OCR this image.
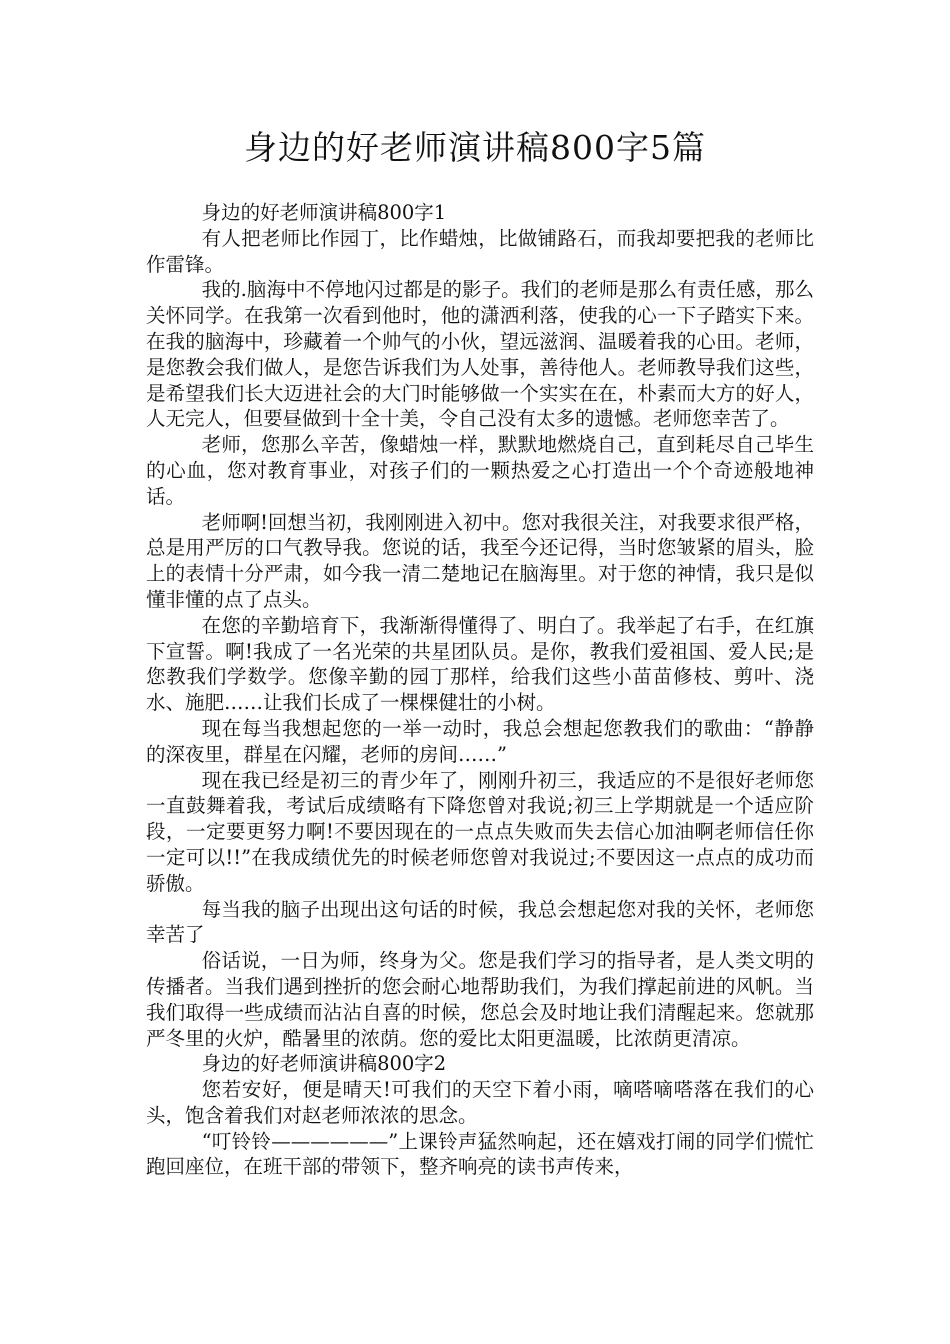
身边的好老师演讲稿800字5篇

身边的好老师演讲稿800字1

有人把老师比作园丁，比作蜡烛，比做铺路石，而我却要把我的老师比作雷锋。

我的.脑海中不停地闪过都是的影子。我们的老师是那么有责任感，那么关怀同学。在我第一次看到他时，他的潇洒利落，使我的心一下子踏实下来。在我的脑海中，珍藏着一个帅气的小伙，望远滋润、温暖着我的心田。老师，是您教会我们做人，是您告诉我们为人处事，善待他人。老师教导我们这些，是希望我们长大迈进社会的大门时能够做一个实实在在，朴素而大方的好人，人无完人，但要昼做到十全十美，令自己没有太多的遗憾。老师您幸苦了。

老师，您那么辛苦，像蜡烛一样，默默地燃烧自己，直到耗尽自己毕生的心血，您对教育事业，对孩子们的一颗热爱之心打造出一个个奇迹般地神话。

老师啊!回想当初，我刚刚进入初中。您对我很关注，对我要求很严格，总是用严厉的口气教导我。您说的话，我至今还记得，当时您皱紧的眉头，脸上的表情十分严肃，如今我一清二楚地记在脑海里。对于您的神情，我只是似懂非懂的点了点头。

在您的辛勤培育下，我渐渐得懂得了、明白了。我举起了右手，在红旗下宣誓。啊!我成了一名光荣的共星团队员。是你，教我们爱祖国、爱人民;是您教我们学数学。您像辛勤的园丁那样，给我们这些小苗苗修枝、剪叶、浇水、施肥……让我们长成了一棵棵健壮的小树。

现在每当我想起您的一举一动时，我总会想起您教我们的歌曲：“静静的深夜里，群星在闪耀，老师的房间……”

现在我已经是初三的青少年了，刚刚升初三，我适应的不是很好老师您一直鼓舞着我，考试后成绩略有下降您曾对我说;初三上学期就是一个适应阶段，一定要更努力啊!不要因现在的一点点失败而失去信心加油啊老师信任你一定可以!!”在我成绩优先的时候老师您曾对我说过;不要因这一点点的成功而骄傲。

每当我的脑子出现出这句话的时候，我总会想起您对我的关怀，老师您幸苦了

俗话说，一日为师，终身为父。您是我们学习的指导者，是人类文明的传播者。当我们遇到挫折的您会耐心地帮助我们，为我们撑起前进的风帆。当我们取得一些成绩而沾沾自喜的时候，您总会及时地让我们清醒起来。您就那严冬里的火炉，酷暑里的浓荫。您的爱比太阳更温暖，比浓荫更清凉。

身边的好老师演讲稿800字2

您若安好，便是晴天!可我们的天空下着小雨，嘀嗒嘀嗒落在我们的心头，饱含着我们对赵老师浓浓的思念。

“叮铃铃——————”上课铃声猛然响起，还在嬉戏打闹的同学们慌忙跑回座位，在班干部的带领下，整齐响亮的读书声传来，
